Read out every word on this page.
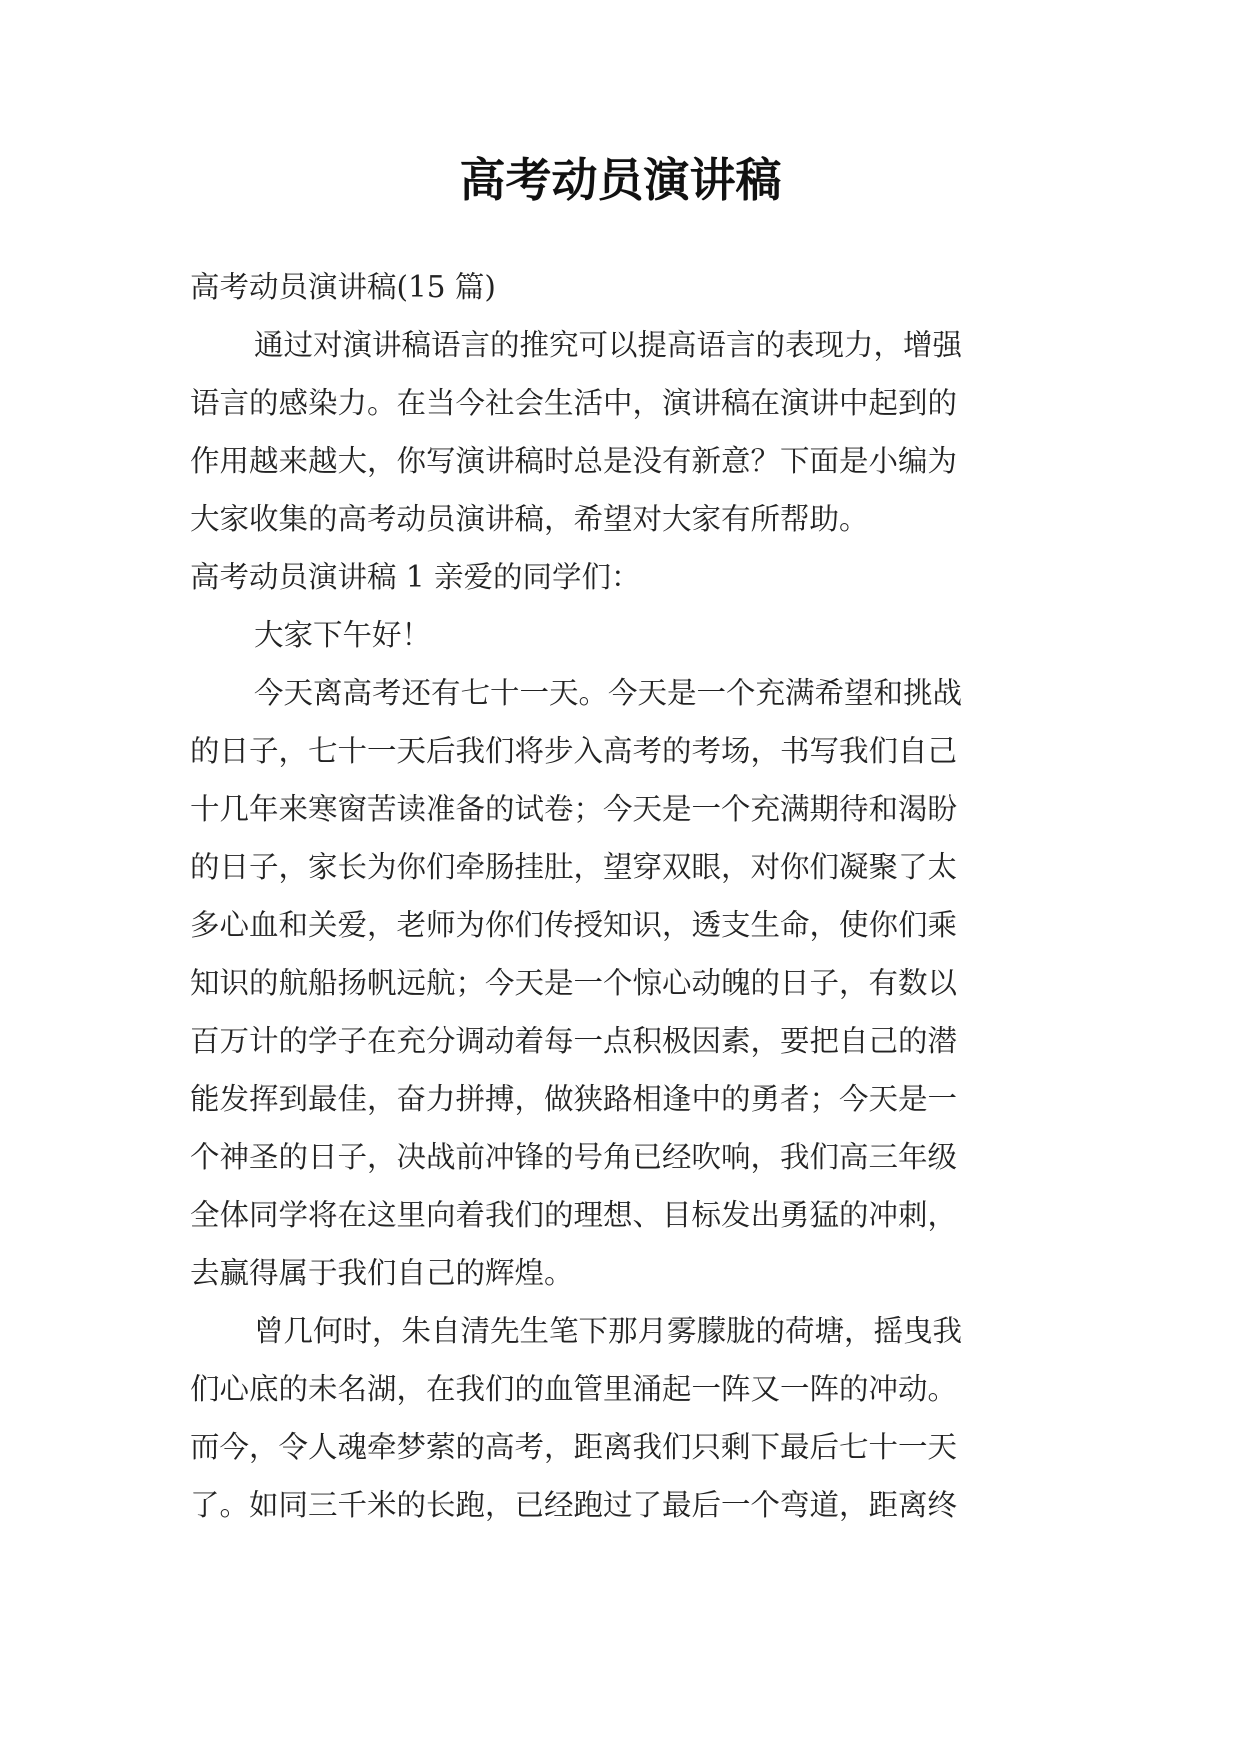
高考动员演讲稿
高考动员演讲稿(15 篇)
通过对演讲稿语言的推究可以提高语言的表现力，增强
语言的感染力。在当今社会生活中，演讲稿在演讲中起到的
作用越来越大，你写演讲稿时总是没有新意？下面是小编为
大家收集的高考动员演讲稿，希望对大家有所帮助。
高考动员演讲稿 1 亲爱的同学们：
大家下午好！
今天离高考还有七十一天。今天是一个充满希望和挑战
的日子，七十一天后我们将步入高考的考场，书写我们自己
十几年来寒窗苦读准备的试卷；今天是一个充满期待和渴盼
的日子，家长为你们牵肠挂肚，望穿双眼，对你们凝聚了太
多心血和关爱，老师为你们传授知识，透支生命，使你们乘
知识的航船扬帆远航；今天是一个惊心动魄的日子，有数以
百万计的学子在充分调动着每一点积极因素，要把自己的潜
能发挥到最佳，奋力拼搏，做狭路相逢中的勇者；今天是一
个神圣的日子，决战前冲锋的号角已经吹响，我们高三年级
全体同学将在这里向着我们的理想、目标发出勇猛的冲刺，
去赢得属于我们自己的辉煌。
曾几何时，朱自清先生笔下那月雾朦胧的荷塘，摇曳我
们心底的未名湖，在我们的血管里涌起一阵又一阵的冲动。
而今，令人魂牵梦萦的高考，距离我们只剩下最后七十一天
了。如同三千米的长跑，已经跑过了最后一个弯道，距离终
